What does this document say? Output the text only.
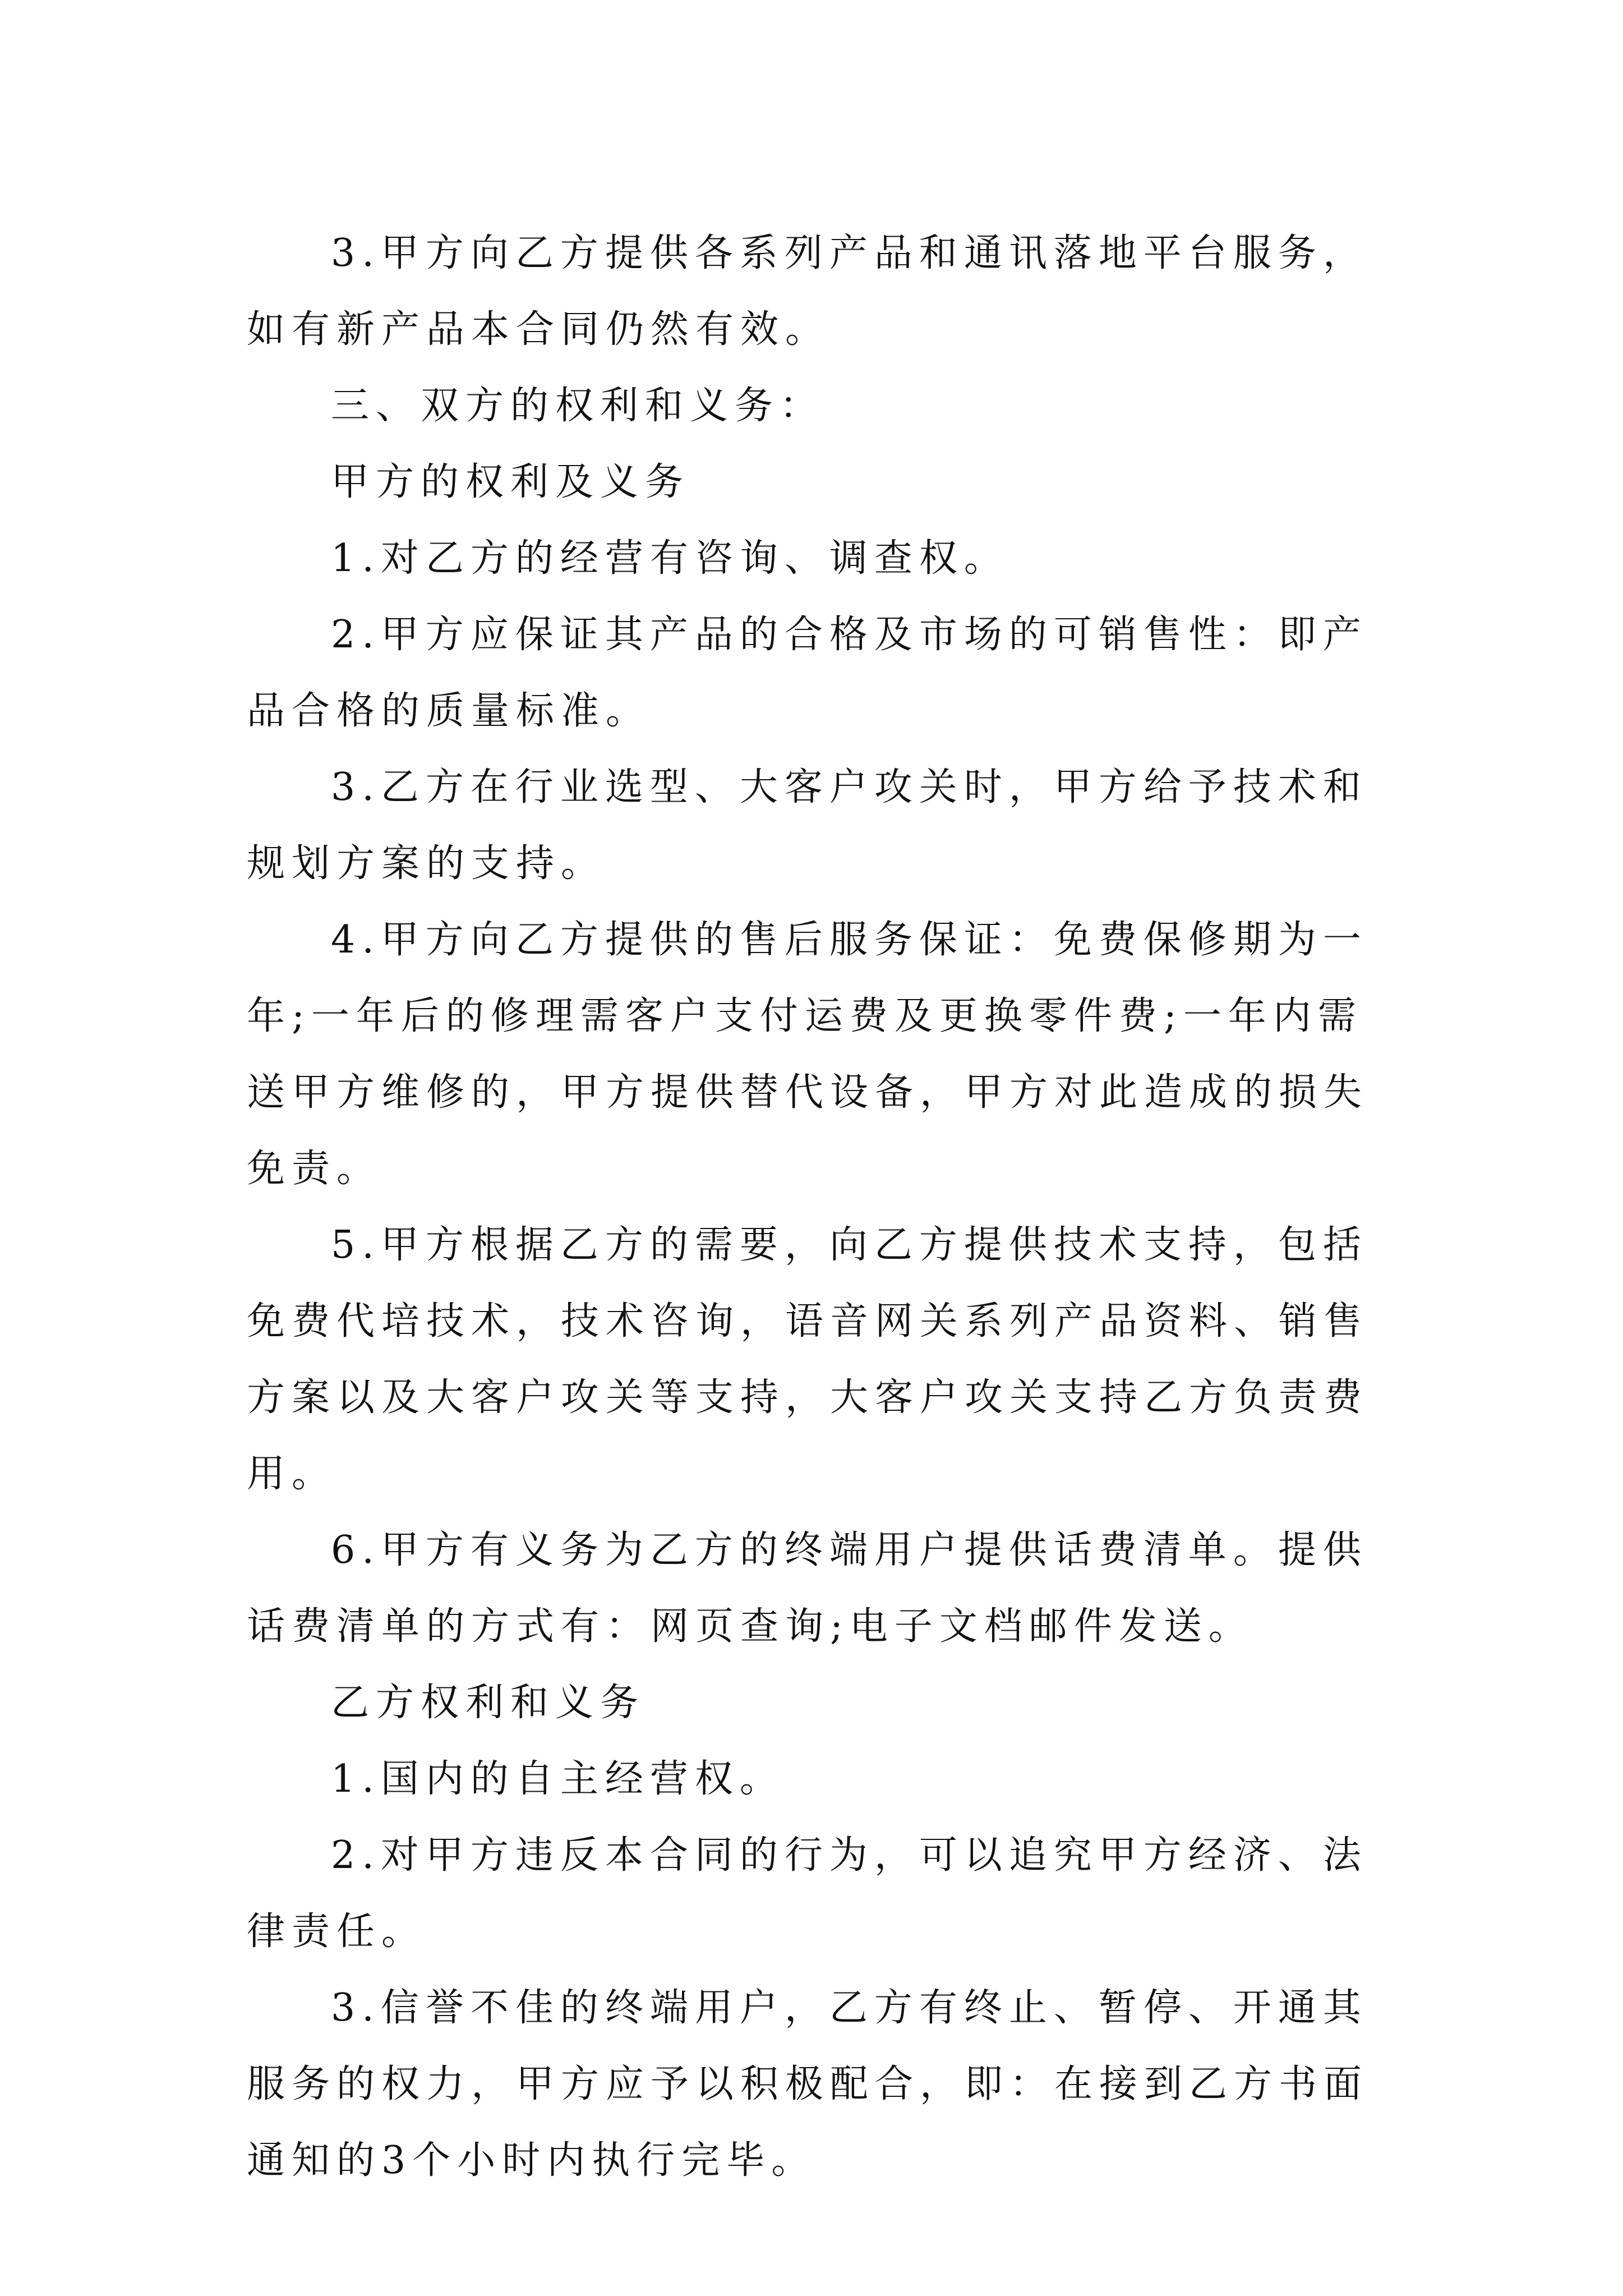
3.甲方向乙方提供各系列产品和通讯落地平台服务，如有新产品本合同仍然有效。

三、双方的权利和义务：

甲方的权利及义务

1.对乙方的经营有咨询、调查权。

2.甲方应保证其产品的合格及市场的可销售性：即产品合格的质量标准。

3.乙方在行业选型、大客户攻关时，甲方给予技术和规划方案的支持。

4.甲方向乙方提供的售后服务保证：免费保修期为一年;一年后的修理需客户支付运费及更换零件费;一年内需送甲方维修的，甲方提供替代设备，甲方对此造成的损失免责。

5.甲方根据乙方的需要，向乙方提供技术支持，包括免费代培技术，技术咨询，语音网关系列产品资料、销售方案以及大客户攻关等支持，大客户攻关支持乙方负责费用。

6.甲方有义务为乙方的终端用户提供话费清单。提供话费清单的方式有：网页查询;电子文档邮件发送。

乙方权利和义务

1.国内的自主经营权。

2.对甲方违反本合同的行为，可以追究甲方经济、法律责任。

3.信誉不佳的终端用户，乙方有终止、暂停、开通其服务的权力，甲方应予以积极配合，即：在接到乙方书面通知的3个小时内执行完毕。
